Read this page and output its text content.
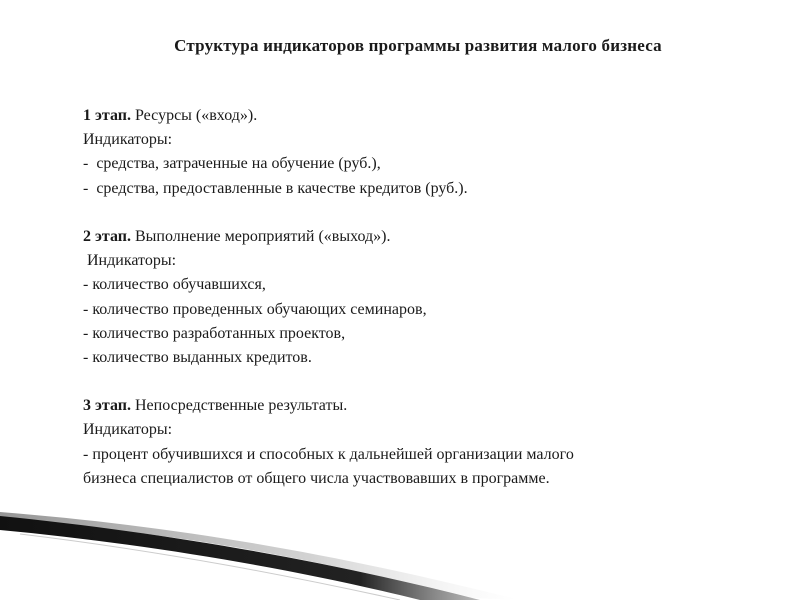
Структура индикаторов программы развития малого бизнеса
1 этап. Ресурсы («вход»).
Индикаторы:
-  средства, затраченные на обучение (руб.),
-  средства, предоставленные в качестве кредитов (руб.).
2 этап. Выполнение мероприятий («выход»).
Индикаторы:
- количество обучавшихся,
- количество проведенных обучающих семинаров,
- количество разработанных проектов,
- количество выданных кредитов.
3 этап. Непосредственные результаты.
Индикаторы:
- процент обучившихся и способных к дальнейшей организации малого
бизнеса специалистов от общего числа участвовавших в программе.
